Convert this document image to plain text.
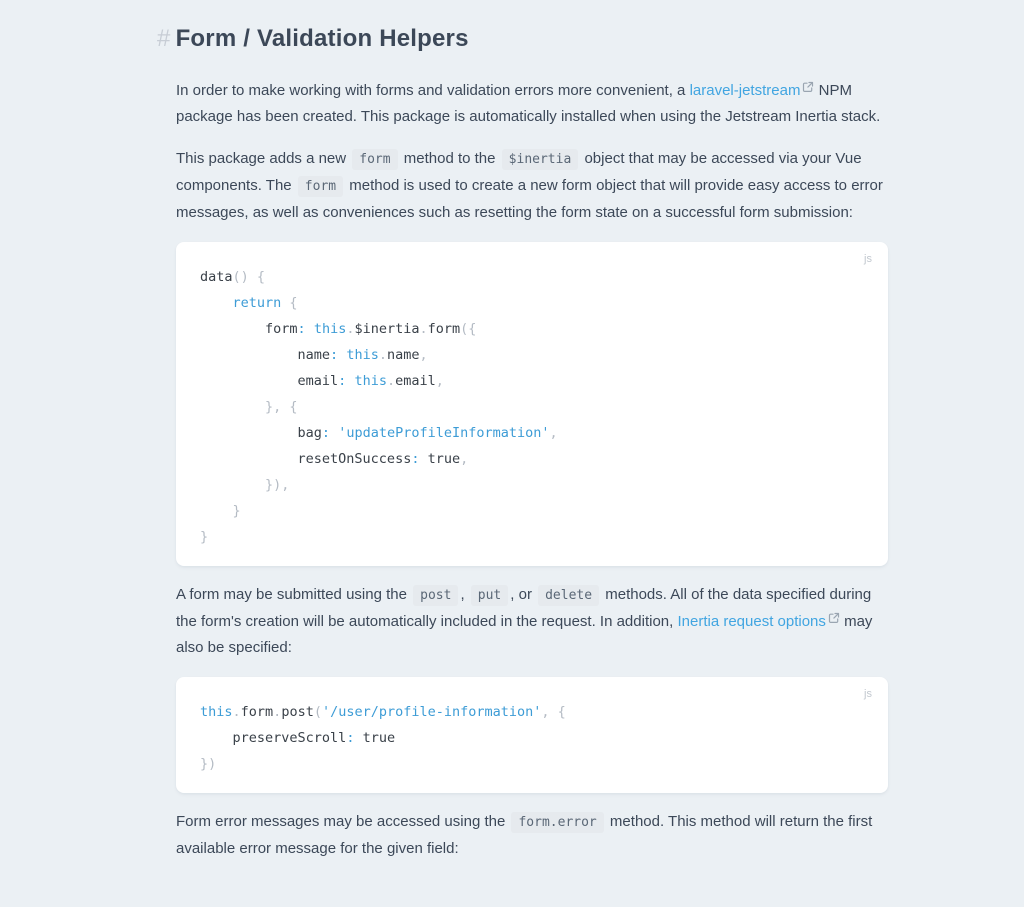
# Form / Validation Helpers

In order to make working with forms and validation errors more convenient, a laravel-jetstream
NPM package has been created. This package is automatically installed when using the Jetstream Inertia stack.

This package adds a new form method to the $inertia object that may be accessed via your Vue components. The form method is used to create a new form object that will provide easy access to error messages, as well as conveniences such as resetting the form state on a successful form submission:

js
data() {
return {
form: this.$inertia.form({
name: this.name,
email: this.email,
}, {
bag: 'updateProfileInformation',
resetOnSuccess: true,
}),
}
}

A form may be submitted using the post , put , or delete methods. All of the data specified during the form's creation will be automatically included in the request. In addition, Inertia request options
may also be specified:

js
this.form.post('/user/profile-information', {
preserveScroll: true
})

Form error messages may be accessed using the form.error method. This method will return the first available error message for the given field:
